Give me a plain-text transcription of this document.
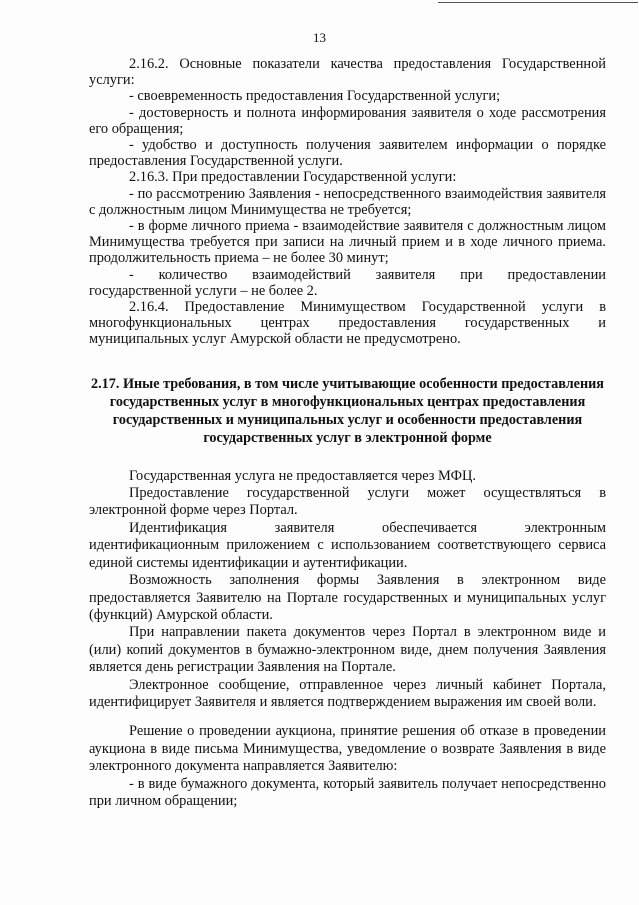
13

2.16.2. Основные показатели качества предоставления Государственной услуги:

- своевременность предоставления Государственной услуги;

- достоверность и полнота информирования заявителя о ходе рассмотрения его обращения;

- удобство и доступность получения заявителем информации о порядке предоставления Государственной услуги.

2.16.3. При предоставлении Государственной услуги:

- по рассмотрению Заявления - непосредственного взаимодействия заявителя с должностным лицом Минимущества не требуется;

- в форме личного приема - взаимодействие заявителя с должностным лицом Минимущества требуется при записи на личный прием и в ходе личного приема. продолжительность приема – не более 30 минут;

- количество взаимодействий заявителя при предоставлении государственной услуги – не более 2.

2.16.4. Предоставление Минимуществом Государственной услуги в многофункциональных центрах предоставления государственных и муниципальных услуг Амурской области не предусмотрено.

2.17. Иные требования, в том числе учитывающие особенности предоставления государственных услуг в многофункциональных центрах предоставления государственных и муниципальных услуг и особенности предоставления государственных услуг в электронной форме

Государственная услуга не предоставляется через МФЦ.

Предоставление государственной услуги может осуществляться в электронной форме через Портал.

Идентификация заявителя обеспечивается электронным идентификационным приложением с использованием соответствующего сервиса единой системы идентификации и аутентификации.

Возможность заполнения формы Заявления в электронном виде предоставляется Заявителю на Портале государственных и муниципальных услуг (функций) Амурской области.

При направлении пакета документов через Портал в электронном виде и (или) копий документов в бумажно-электронном виде, днем получения Заявления является день регистрации Заявления на Портале.

Электронное сообщение, отправленное через личный кабинет Портала, идентифицирует Заявителя и является подтверждением выражения им своей воли.

Решение о проведении аукциона, принятие решения об отказе в проведении аукциона в виде письма Минимущества, уведомление о возврате Заявления в виде электронного документа направляется Заявителю:

- в виде бумажного документа, который заявитель получает непосредственно при личном обращении;
